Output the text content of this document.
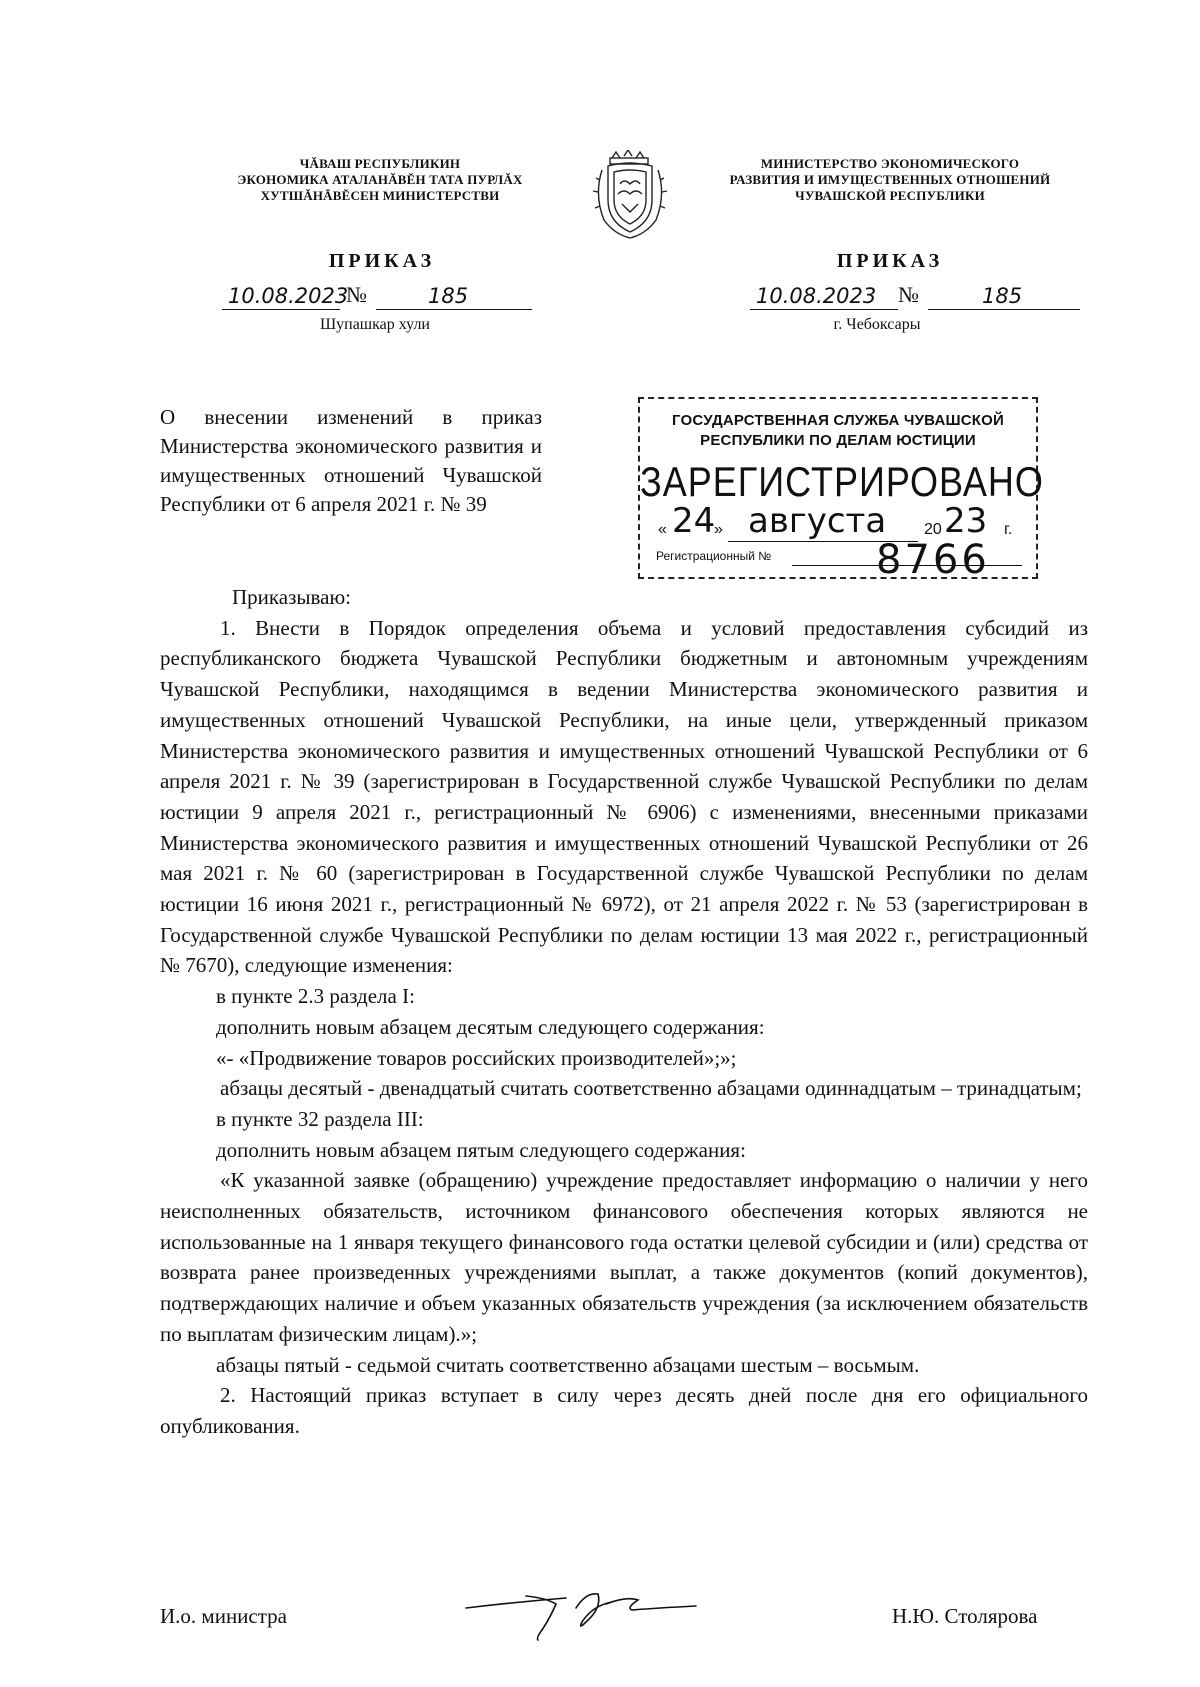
ЧĂВАШ РЕСПУБЛИКИН
ЭКОНОМИКА АТАЛАНĂВĔН ТАТА ПУРЛĂХ
ХУТШĂНĂВĔСЕН МИНИСТЕРСТВИ
МИНИСТЕРСТВО ЭКОНОМИЧЕСКОГО
РАЗВИТИЯ И ИМУЩЕСТВЕННЫХ ОТНОШЕНИЙ
ЧУВАШСКОЙ РЕСПУБЛИКИ
ПРИКАЗ	ПРИКАЗ
10.08.2023
№	185	10.08.2023 №	185
Шупашкар хули	г. Чебоксары
О внесении изменений в приказ Министерства экономического развития и имущественных отношений Чувашской Республики от 6 апреля 2021 г. № 39
ГОСУДАРСТВЕННАЯ СЛУЖБА ЧУВАШСКОЙ
РЕСПУБЛИКИ ПО ДЕЛАМ ЮСТИЦИИ
ЗАРЕГИСТРИРОВАНО
« 24
» августа 20 23 г.
Регистрационный №	8766

Приказываю:

1. Внести в Порядок определения объема и условий предоставления субсидий из республиканского бюджета Чувашской Республики бюджетным и автономным учреждениям Чувашской Республики, находящимся в ведении Министерства экономического развития и имущественных отношений Чувашской Республики, на иные цели, утвержденный приказом Министерства экономического развития и имущественных отношений Чувашской Республики от 6 апреля 2021 г. № 39 (зарегистрирован в Государственной службе Чувашской Республики по делам юстиции 9 апреля 2021 г., регистрационный № 6906) с изменениями, внесенными приказами Министерства экономического развития и имущественных отношений Чувашской Республики от 26 мая 2021 г. № 60 (зарегистрирован в Государственной службе Чувашской Республики по делам юстиции 16 июня 2021 г., регистрационный № 6972), от 21 апреля 2022 г. № 53 (зарегистрирован в Государственной службе Чувашской Республики по делам юстиции 13 мая 2022 г., регистрационный № 7670), следующие изменения:

в пункте 2.3 раздела I:

дополнить новым абзацем десятым следующего содержания:

«- «Продвижение товаров российских производителей»;»;

абзацы десятый - двенадцатый считать соответственно абзацами одиннадцатым – тринадцатым;

в пункте 32 раздела III:

дополнить новым абзацем пятым следующего содержания:

«К указанной заявке (обращению) учреждение предоставляет информацию о наличии у него неисполненных обязательств, источником финансового обеспечения которых являются не использованные на 1 января текущего финансового года остатки целевой субсидии и (или) средства от возврата ранее произведенных учреждениями выплат, а также документов (копий документов), подтверждающих наличие и объем указанных обязательств учреждения (за исключением обязательств по выплатам физическим лицам).»;

абзацы пятый - седьмой считать соответственно абзацами шестым – восьмым.

2. Настоящий приказ вступает в силу через десять дней после дня его официального опубликования.

И.о. министра	Н.Ю. Столярова
